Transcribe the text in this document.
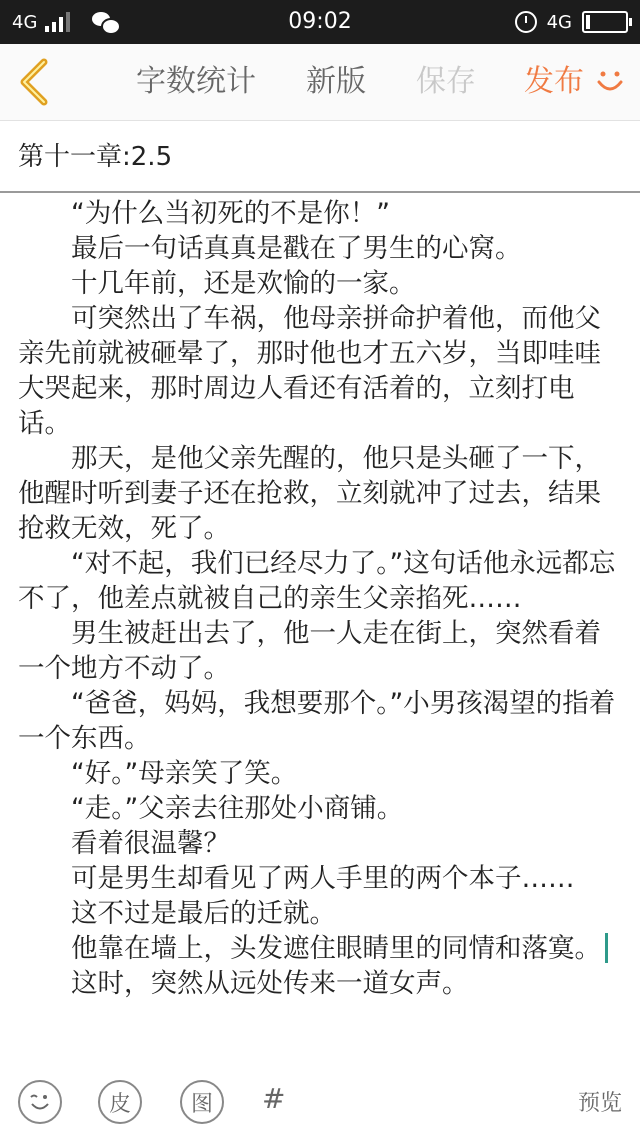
4G	09:02	4G
字数统计 新版 保存 发布
第十一章:2.5

“为什么当初死的不是你！”

最后一句话真真是戳在了男生的心窝。

十几年前，还是欢愉的一家。

可突然出了车祸，他母亲拼命护着他，而他父亲先前就被砸晕了，那时他也才五六岁，当即哇哇大哭起来，那时周边人看还有活着的，立刻打电话。

那天，是他父亲先醒的，他只是头砸了一下，他醒时听到妻子还在抢救，立刻就冲了过去，结果抢救无效，死了。

“对不起，我们已经尽力了。”这句话他永远都忘不了，他差点就被自己的亲生父亲掐死……

男生被赶出去了，他一人走在街上，突然看着一个地方不动了。

“爸爸，妈妈，我想要那个。”小男孩渴望的指着一个东西。

“好。”母亲笑了笑。

“走。”父亲去往那处小商铺。

看着很温馨？

可是男生却看见了两人手里的两个本子……

这不过是最后的迁就。

他靠在墙上，头发遮住眼睛里的同情和落寞。

这时，突然从远处传来一道女声。

皮	图 #	预览
